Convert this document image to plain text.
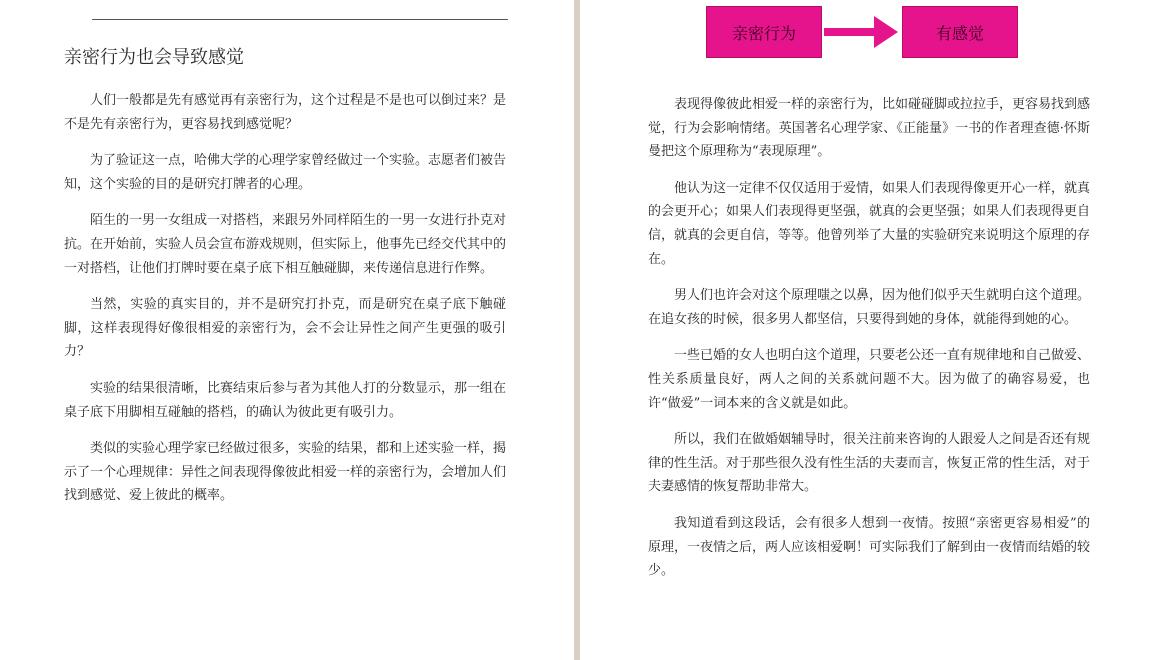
亲密行为也会导致感觉

人们一般都是先有感觉再有亲密行为，这个过程是不是也可以倒过来？是不是先有亲密行为，更容易找到感觉呢？

为了验证这一点，哈佛大学的心理学家曾经做过一个实验。志愿者们被告知，这个实验的目的是研究打牌者的心理。

陌生的一男一女组成一对搭档，来跟另外同样陌生的一男一女进行扑克对抗。在开始前，实验人员会宣布游戏规则，但实际上，他事先已经交代其中的一对搭档，让他们打牌时要在桌子底下相互触碰脚，来传递信息进行作弊。

当然，实验的真实目的，并不是研究打扑克，而是研究在桌子底下触碰脚，这样表现得好像很相爱的亲密行为，会不会让异性之间产生更强的吸引力？

实验的结果很清晰，比赛结束后参与者为其他人打的分数显示，那一组在桌子底下用脚相互碰触的搭档，的确认为彼此更有吸引力。

类似的实验心理学家已经做过很多，实验的结果，都和上述实验一样，揭示了一个心理规律：异性之间表现得像彼此相爱一样的亲密行为，会增加人们找到感觉、爱上彼此的概率。

亲密行为	有感觉

表现得像彼此相爱一样的亲密行为，比如碰碰脚或拉拉手，更容易找到感觉，行为会影响情绪。英国著名心理学家、《正能量》一书的作者理查德·怀斯曼把这个原理称为“表现原理”。

他认为这一定律不仅仅适用于爱情，如果人们表现得像更开心一样，就真的会更开心；如果人们表现得更坚强，就真的会更坚强；如果人们表现得更自信，就真的会更自信，等等。他曾列举了大量的实验研究来说明这个原理的存在。

男人们也许会对这个原理嗤之以鼻，因为他们似乎天生就明白这个道理。在追女孩的时候，很多男人都坚信，只要得到她的身体，就能得到她的心。

一些已婚的女人也明白这个道理，只要老公还一直有规律地和自己做爱、性关系质量良好，两人之间的关系就问题不大。因为做了的确容易爱，也许“做爱”一词本来的含义就是如此。

所以，我们在做婚姻辅导时，很关注前来咨询的人跟爱人之间是否还有规律的性生活。对于那些很久没有性生活的夫妻而言，恢复正常的性生活，对于夫妻感情的恢复帮助非常大。

我知道看到这段话，会有很多人想到一夜情。按照“亲密更容易相爱”的原理，一夜情之后，两人应该相爱啊！可实际我们了解到由一夜情而结婚的较少。
